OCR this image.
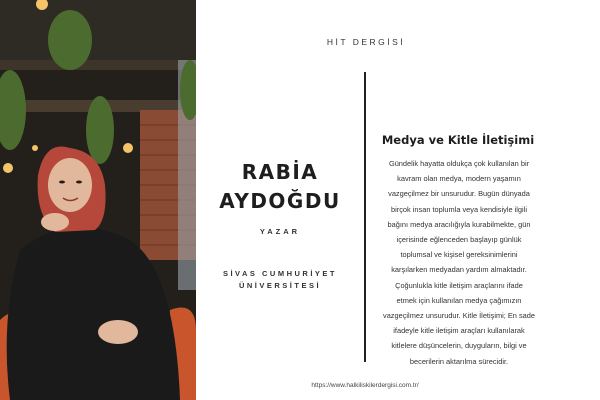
HİT DERGİSİ
RABİA
AYDOĞDU
YAZAR
SİVAS CUMHURİYET
ÜNİVERSİTESİ
Medya ve Kitle İletişimi
Gündelik hayatta oldukça çok kullanılan bir
kavram olan medya, modern yaşamın
vazgeçilmez bir unsurudur. Bugün dünyada
birçok insan toplumla veya kendisiyle ilgili
bağını medya aracılığıyla kurabilmekte, gün
içerisinde eğlenceden başlayıp günlük
toplumsal ve kişisel gereksinimlerini
karşılarken medyadan yardım almaktadır.
Çoğunlukla kitle iletişim araçlarını ifade
etmek için kullanılan medya çağımızın
vazgeçilmez unsurudur. Kitle İletişimi; En sade
ifadeyle kitle iletişim araçları kullanılarak
kitlelere düşüncelerin, duyguların, bilgi ve
becerilerin aktarılma sürecidir.
https://www.halkiliskilerdergisi.com.tr/
